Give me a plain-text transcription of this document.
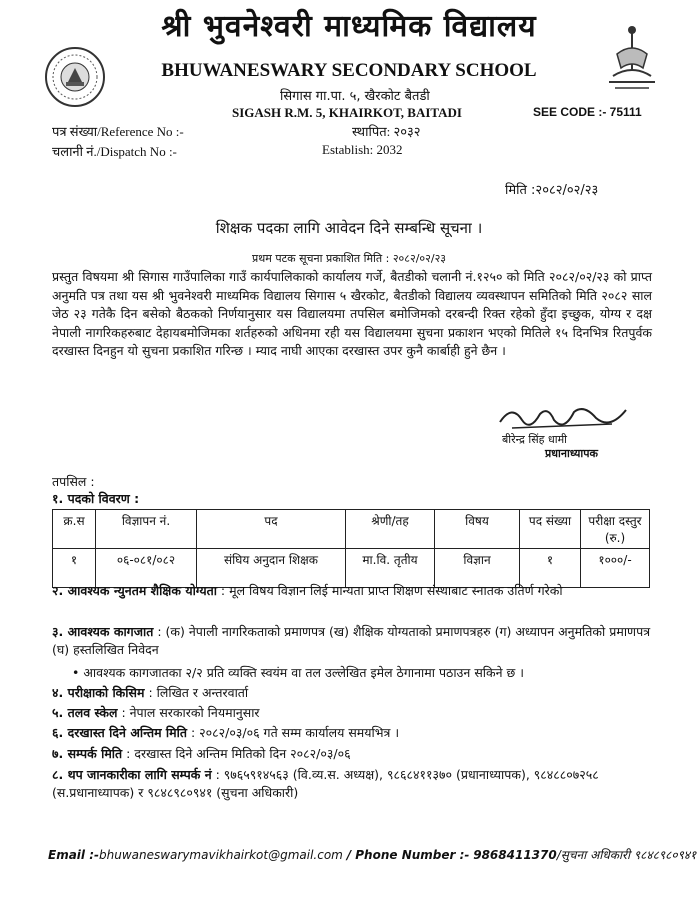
श्री भुवनेश्वरी माध्यमिक विद्यालय
BHUWANESWARY SECONDARY SCHOOL
सिगास गा.पा. ५, खैरकोट बैतडी
SIGASH R.M. 5, KHAIRKOT, BAITADI	SEE CODE :- 75111
पत्र संख्या/Reference No :-
चलानी नं./Dispatch No :-
स्थापित: २०३२
Establish: 2032
मिति :२०८२/०२/२३
शिक्षक पदका लागि आवेदन दिने सम्बन्धि सूचना ।
प्रथम पटक सूचना प्रकाशित मिति : २०८२/०२/२३
प्रस्तुत विषयमा श्री सिगास गाउँपालिका गाउँ कार्यपालिकाको कार्यालय गर्जे, बैतडीको चलानी नं.१२५० को मिति २०८२/०२/२३ को प्राप्त अनुमति पत्र तथा यस श्री भुवनेश्वरी माध्यमिक विद्यालय सिगास ५ खैरकोट, बैतडीको विद्यालय व्यवस्थापन समितिको मिति २०८२ साल जेठ २३ गतेकै दिन बसेको बैठकको निर्णयानुसार यस विद्यालयमा तपसिल बमोजिमको दरबन्दी रिक्त रहेको हुँदा इच्छुक, योग्य र दक्ष नेपाली नागरिकहरुबाट देहायबमोजिमका शर्तहरुको अधिनमा रही यस विद्यालयमा सुचना प्रकाशन भएको मितिले १५ दिनभित्र रितपुर्वक दरखास्त दिनहुन यो सुचना प्रकाशित गरिन्छ । म्याद नाघी आएका दरखास्त उपर कुनै कार्बाही हुने छैन ।
बीरेन्द्र सिंह धामी
प्रधानाध्यापक
तपसिल :
१. पदको विवरण :
क्र.स	विज्ञापन नं.	पद	श्रेणी/तह	विषय	पद संख्या	परीक्षा दस्तुर (रु.)
१	०६-०८१/०८२	संघिय अनुदान शिक्षक	मा.वि. तृतीय	विज्ञान	१	१०००/-
२. आवश्यक न्युनतम शैक्षिक योग्यता : मूल विषय विज्ञान लिई मान्यता प्राप्त शिक्षण संस्थाबाट स्नातक उतिर्ण गरेको
३. आवश्यक कागजात : (क) नेपाली नागरिकताको प्रमाणपत्र (ख) शैक्षिक योग्यताको प्रमाणपत्रहरु (ग) अध्यापन अनुमतिको प्रमाणपत्र (घ) हस्तलिखित निवेदन
• आवश्यक कागजातका २/२ प्रति व्यक्ति स्वयंम वा तल उल्लेखित इमेल ठेगानामा पठाउन सकिने छ ।
४. परीक्षाको किसिम : लिखित र अन्तरवार्ता
५. तलव स्केल : नेपाल सरकारको नियमानुसार
६. दरखास्त दिने अन्तिम मिति : २०८२/०३/०६ गते सम्म कार्यालय समयभित्र ।
७. सम्पर्क मिति : दरखास्त दिने अन्तिम मितिको दिन २०८२/०३/०६
८. थप जानकारीका लागि सम्पर्क नं : ९७६५९१४५६३ (वि.व्य.स. अध्यक्ष), ९८६८४११३७० (प्रधानाध्यापक), ९८४८८०७२५८ (स.प्रधानाध्यापक) र ९८४८९८०९४१ (सुचना अधिकारी)
Email :-bhuwaneswarymavikhairkot@gmail.com / Phone Number :- 9868411370/सुचना अधिकारी ९८४८९८०९४१
